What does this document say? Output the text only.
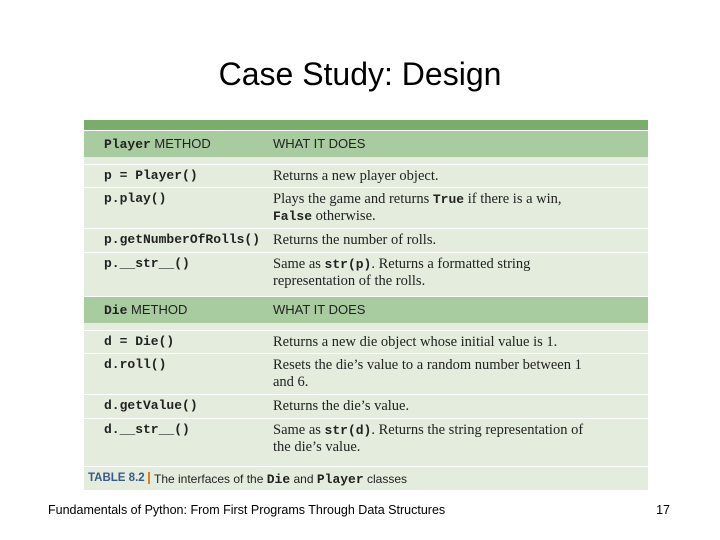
Case Study: Design
Player METHOD	WHAT IT DOES
p = Player()	Returns a new player object.
p.play()	Plays the game and returns True if there is a win,
False otherwise.
p.getNumberOfRolls() Returns the number of rolls.
p.__str__()	Same as str(p). Returns a formatted string
representation of the rolls.
Die METHOD	WHAT IT DOES
d = Die()	Returns a new die object whose initial value is 1.
d.roll()	Resets the die’s value to a random number between 1
and 6.
d.getValue()	Returns the die’s value.
d.__str__()	Same as str(d). Returns the string representation of
the die’s value.
TABLE 8.2 The interfaces of the Die and Player classes
Fundamentals of Python: From First Programs Through Data Structures	17
